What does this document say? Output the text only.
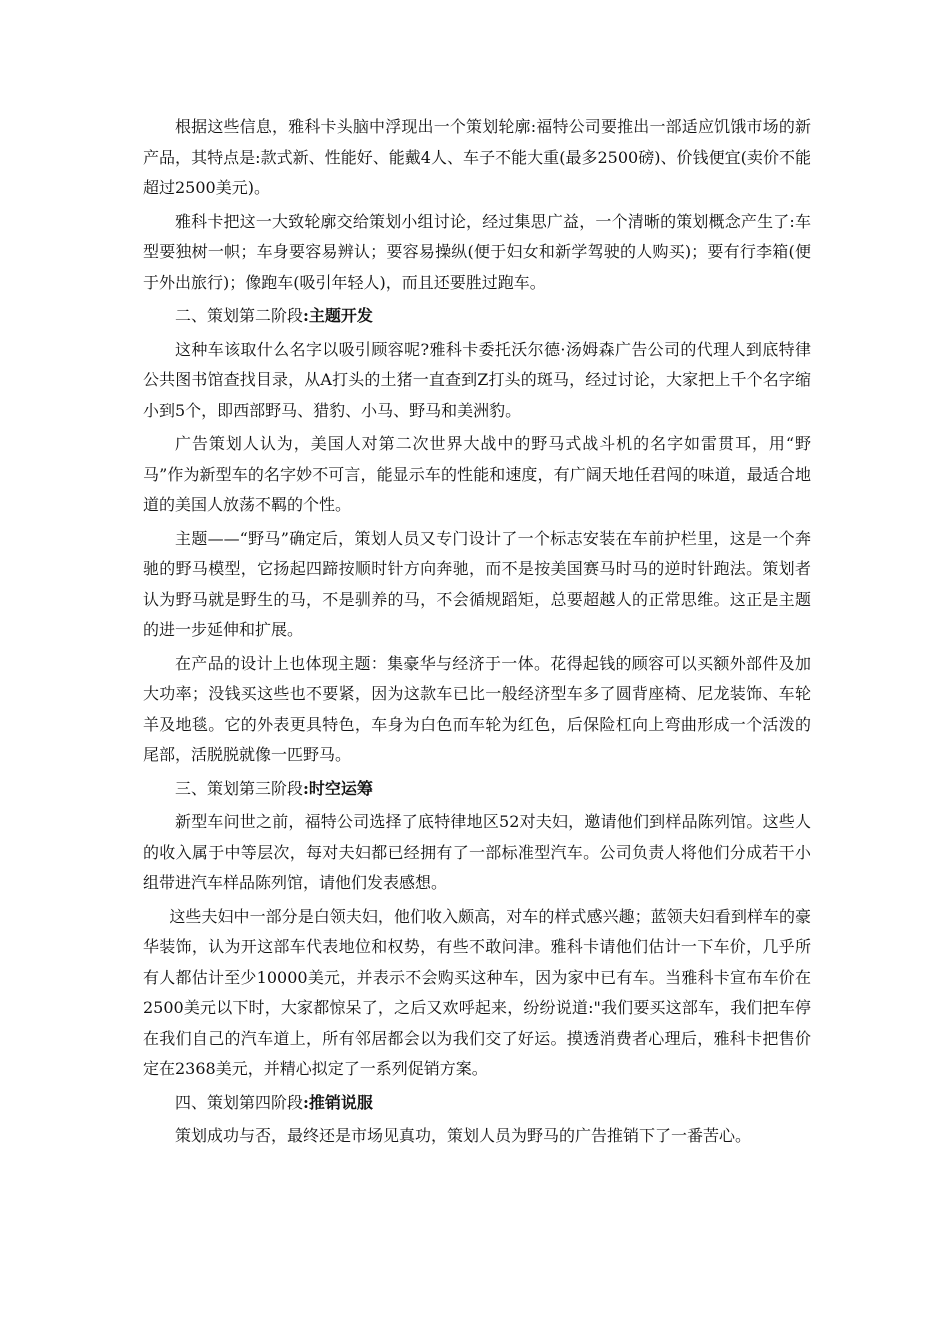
根据这些信息，雅科卡头脑中浮现出一个策划轮廓:福特公司要推出一部适应饥饿市场的新产品，其特点是:款式新、性能好、能戴4人、车子不能大重(最多2500磅)、价钱便宜(卖价不能超过2500美元)。

雅科卡把这一大致轮廓交给策划小组讨论，经过集思广益，一个清晰的策划概念产生了:车型要独树一帜；车身要容易辨认；要容易操纵(便于妇女和新学驾驶的人购买)；要有行李箱(便于外出旅行)；像跑车(吸引年轻人)，而且还要胜过跑车。

二、策划第二阶段:主题开发

这种车该取什么名字以吸引顾容呢?雅科卡委托沃尔德·汤姆森广告公司的代理人到底特律公共图书馆查找目录，从A打头的土猪一直查到Z打头的斑马，经过讨论，大家把上千个名字缩小到5个，即西部野马、猎豹、小马、野马和美洲豹。

广告策划人认为，美国人对第二次世界大战中的野马式战斗机的名字如雷贯耳，用“野马”作为新型车的名字妙不可言，能显示车的性能和速度，有广阔天地任君闯的味道，最适合地道的美国人放荡不羁的个性。

主题——“野马”确定后，策划人员又专门设计了一个标志安装在车前护栏里，这是一个奔驰的野马模型，它扬起四蹄按顺时针方向奔驰，而不是按美国赛马时马的逆时针跑法。策划者认为野马就是野生的马，不是驯养的马，不会循规蹈矩，总要超越人的正常思维。这正是主题的进一步延伸和扩展。

在产品的设计上也体现主题：集豪华与经济于一体。花得起钱的顾容可以买额外部件及加大功率；没钱买这些也不要紧，因为这款车已比一般经济型车多了圆背座椅、尼龙装饰、车轮羊及地毯。它的外表更具特色，车身为白色而车轮为红色，后保险杠向上弯曲形成一个活泼的尾部，活脱脱就像一匹野马。

三、策划第三阶段:时空运筹

新型车问世之前，福特公司选择了底特律地区52对夫妇，邀请他们到样品陈列馆。这些人的收入属于中等层次，每对夫妇都已经拥有了一部标准型汽车。公司负责人将他们分成若干小组带进汽车样品陈列馆，请他们发表感想。

这些夫妇中一部分是白领夫妇，他们收入颇高，对车的样式感兴趣；蓝领夫妇看到样车的豪华装饰，认为开这部车代表地位和权势，有些不敢问津。雅科卡请他们估计一下车价，几乎所有人都估计至少10000美元，并表示不会购买这种车，因为家中已有车。当雅科卡宣布车价在2500美元以下时，大家都惊呆了，之后又欢呼起来，纷纷说道:"我们要买这部车，我们把车停在我们自己的汽车道上，所有邻居都会以为我们交了好运。摸透消费者心理后，雅科卡把售价定在2368美元，并精心拟定了一系列促销方案。

四、策划第四阶段:推销说服

策划成功与否，最终还是市场见真功，策划人员为野马的广告推销下了一番苦心。
